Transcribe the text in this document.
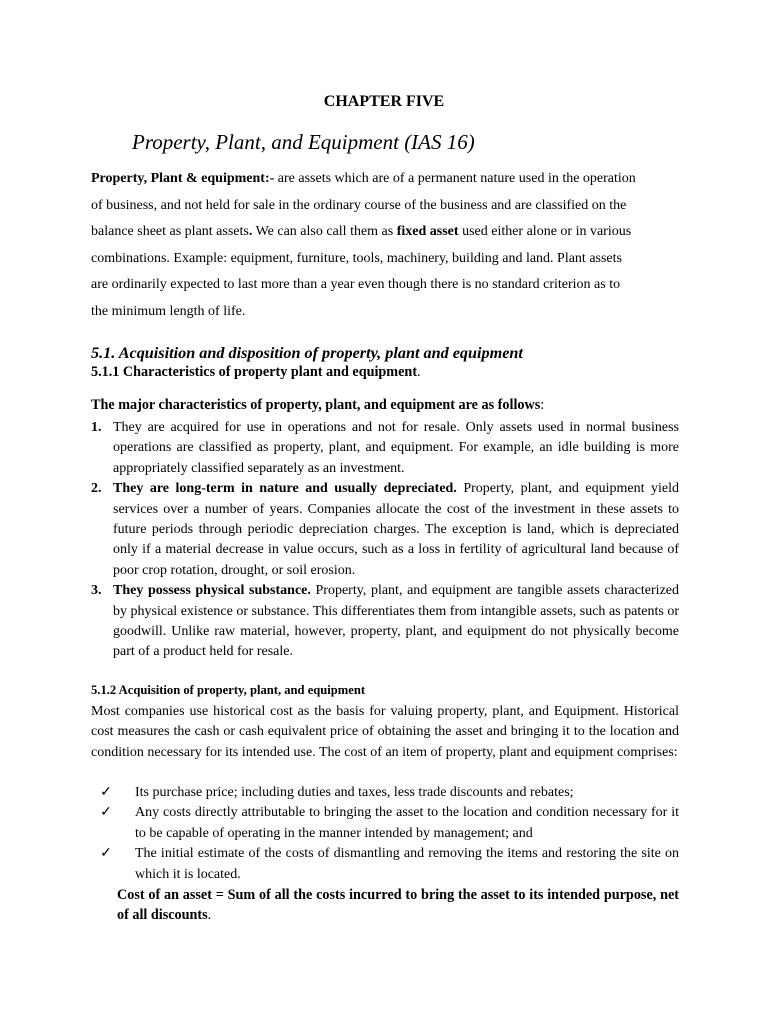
CHAPTER FIVE
Property, Plant, and Equipment (IAS 16)
Property, Plant & equipment:- are assets which are of a permanent nature used in the operation
of business, and not held for sale in the ordinary course of the business and are classified on the
balance sheet as plant assets. We can also call them as fixed asset used either alone or in various
combinations. Example: equipment, furniture, tools, machinery, building and land. Plant assets
are ordinarily expected to last more than a year even though there is no standard criterion as to
the minimum length of life.
5.1. Acquisition and disposition of property, plant and equipment
5.1.1 Characteristics of property plant and equipment.
The major characteristics of property, plant, and equipment are as follows:
1. They are acquired for use in operations and not for resale. Only assets used in normal business operations are classified as property, plant, and equipment. For example, an idle building is more appropriately classified separately as an investment.
2. They are long-term in nature and usually depreciated. Property, plant, and equipment yield services over a number of years. Companies allocate the cost of the investment in these assets to future periods through periodic depreciation charges. The exception is land, which is depreciated only if a material decrease in value occurs, such as a loss in fertility of agricultural land because of poor crop rotation, drought, or soil erosion.
3. They possess physical substance. Property, plant, and equipment are tangible assets characterized by physical existence or substance. This differentiates them from intangible assets, such as patents or goodwill. Unlike raw material, however, property, plant, and equipment do not physically become part of a product held for resale.
5.1.2 Acquisition of property, plant, and equipment
Most companies use historical cost as the basis for valuing property, plant, and Equipment. Historical cost measures the cash or cash equivalent price of obtaining the asset and bringing it to the location and condition necessary for its intended use. The cost of an item of property, plant and equipment comprises:
✓ Its purchase price; including duties and taxes, less trade discounts and rebates;
✓ Any costs directly attributable to bringing the asset to the location and condition necessary for it to be capable of operating in the manner intended by management; and
✓ The initial estimate of the costs of dismantling and removing the items and restoring the site on which it is located.
Cost of an asset = Sum of all the costs incurred to bring the asset to its intended purpose, net of all discounts.
